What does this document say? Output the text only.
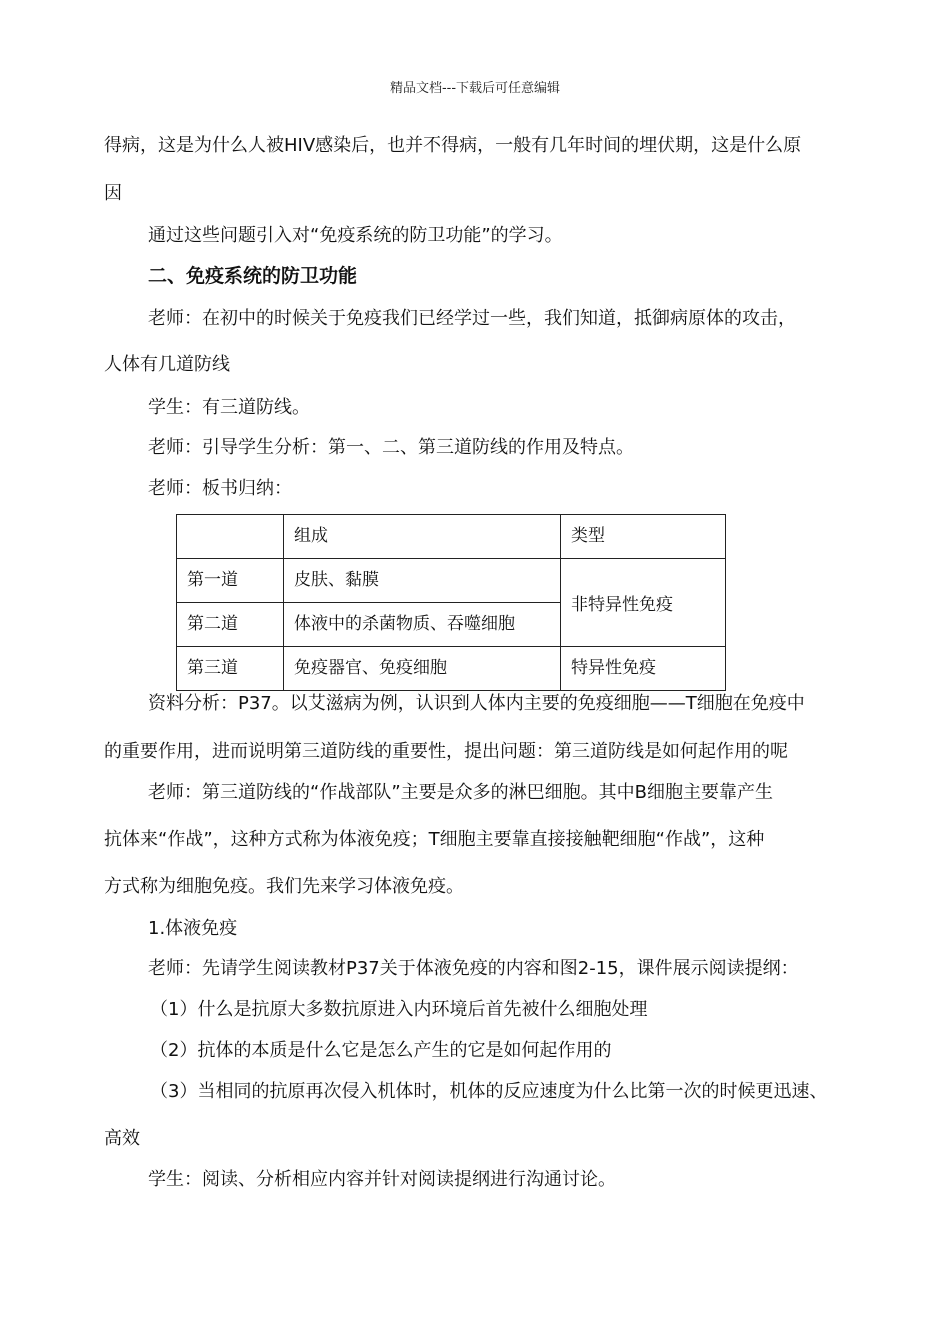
精品文档---下载后可任意编辑
得病，这是为什么人被HIV感染后，也并不得病，一般有几年时间的埋伏期，这是什么原
因
通过这些问题引入对“免疫系统的防卫功能”的学习。
二、免疫系统的防卫功能
老师：在初中的时候关于免疫我们已经学过一些，我们知道，抵御病原体的攻击，
人体有几道防线
学生：有三道防线。
老师：引导学生分析：第一、二、第三道防线的作用及特点。
老师：板书归纳：

	组成	类型

第一道	皮肤、黏膜	非特异性免疫

第二道	体液中的杀菌物质、吞噬细胞	

第三道	免疫器官、免疫细胞	特异性免疫
资料分析：P37。以艾滋病为例，认识到人体内主要的免疫细胞——T细胞在免疫中
的重要作用，进而说明第三道防线的重要性，提出问题：第三道防线是如何起作用的呢
老师：第三道防线的“作战部队”主要是众多的淋巴细胞。其中B细胞主要靠产生
抗体来“作战”，这种方式称为体液免疫；T细胞主要靠直接接触靶细胞“作战”，这种
方式称为细胞免疫。我们先来学习体液免疫。
1.体液免疫
老师：先请学生阅读教材P37关于体液免疫的内容和图2-15，课件展示阅读提纲：
（1）什么是抗原大多数抗原进入内环境后首先被什么细胞处理
（2）抗体的本质是什么它是怎么产生的它是如何起作用的
（3）当相同的抗原再次侵入机体时，机体的反应速度为什么比第一次的时候更迅速、
高效
学生：阅读、分析相应内容并针对阅读提纲进行沟通讨论。
